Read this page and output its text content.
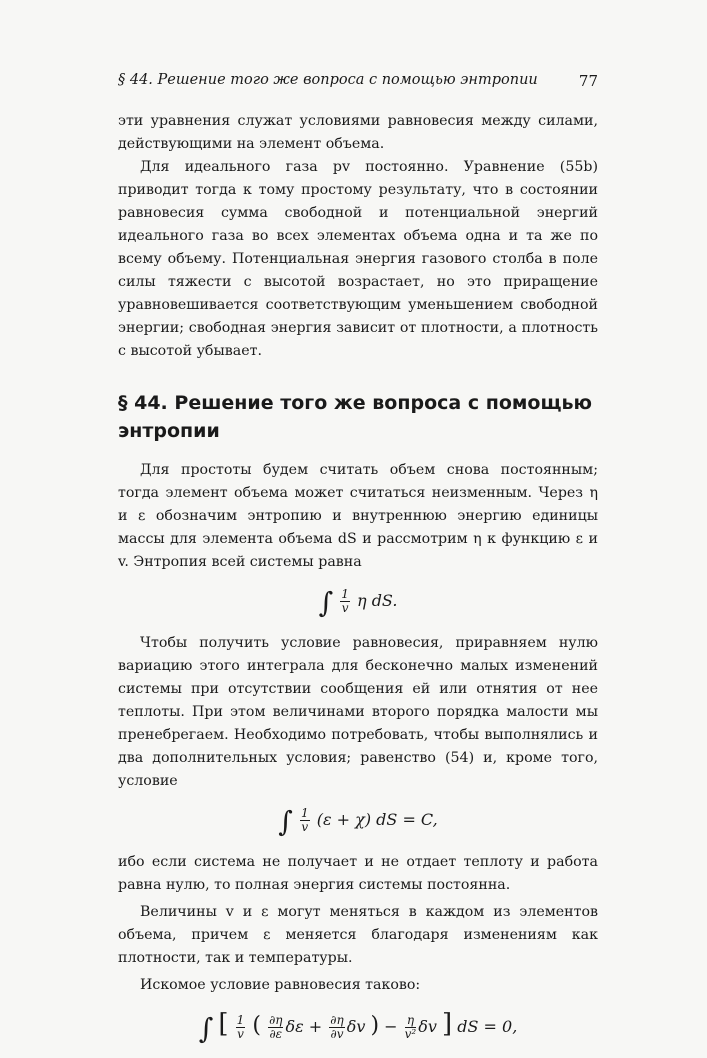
§ 44. Решение того же вопроса с помощью энтропии	77

эти уравнения служат условиями равновесия между силами, действующими на элемент объема.

Для идеального газа pv постоянно. Уравнение (55b) приводит тогда к тому простому результату, что в состоянии равновесия сумма свободной и потенциальной энергий идеального газа во всех элементах объема одна и та же по всему объему. Потенциальная энергия газового столба в поле силы тяжести с высотой возрастает, но это приращение уравновешивается соответствующим уменьшением свободной энергии; свободная энергия зависит от плотности, а плотность с высотой убывает.

§ 44. Решение того же вопроса с помощью энтропии

Для простоты будем считать объем снова постоянным; тогда элемент объема может считаться неизменным. Через η и ε обозначим энтропию и внутреннюю энергию единицы массы для элемента объема dS и рассмотрим η к функцию ε и v. Энтропия всей системы равна

∫ $\frac{1}{v}$ η dS.

Чтобы получить условие равновесия, приравняем нулю вариацию этого интеграла для бесконечно малых изменений системы при отсутствии сообщения ей или отнятия от нее теплоты. При этом величинами второго порядка малости мы пренебрегаем. Необходимо потребовать, чтобы выполнялись и два дополнительных условия; равенство (54) и, кроме того, условие

∫ $\frac{1}{v} (\varepsilon + \chi)$ dS = C,

ибо если система не получает и не отдает теплоту и работа равна нулю, то полная энергия системы постоянна.

Величины v и ε могут меняться в каждом из элементов объема, причем ε меняется благодаря изменениям как плотности, так и температуры.

Искомое условие равновесия таково:

∫ [ $\frac{1}{v}$ ( $\frac{\partial\eta}{\partial\varepsilon}$ $\delta\varepsilon + \frac{\partial\eta}{\partial v}$ δv ) − $\frac{\eta}{\text{v²}}$ δv ] dS = 0,
